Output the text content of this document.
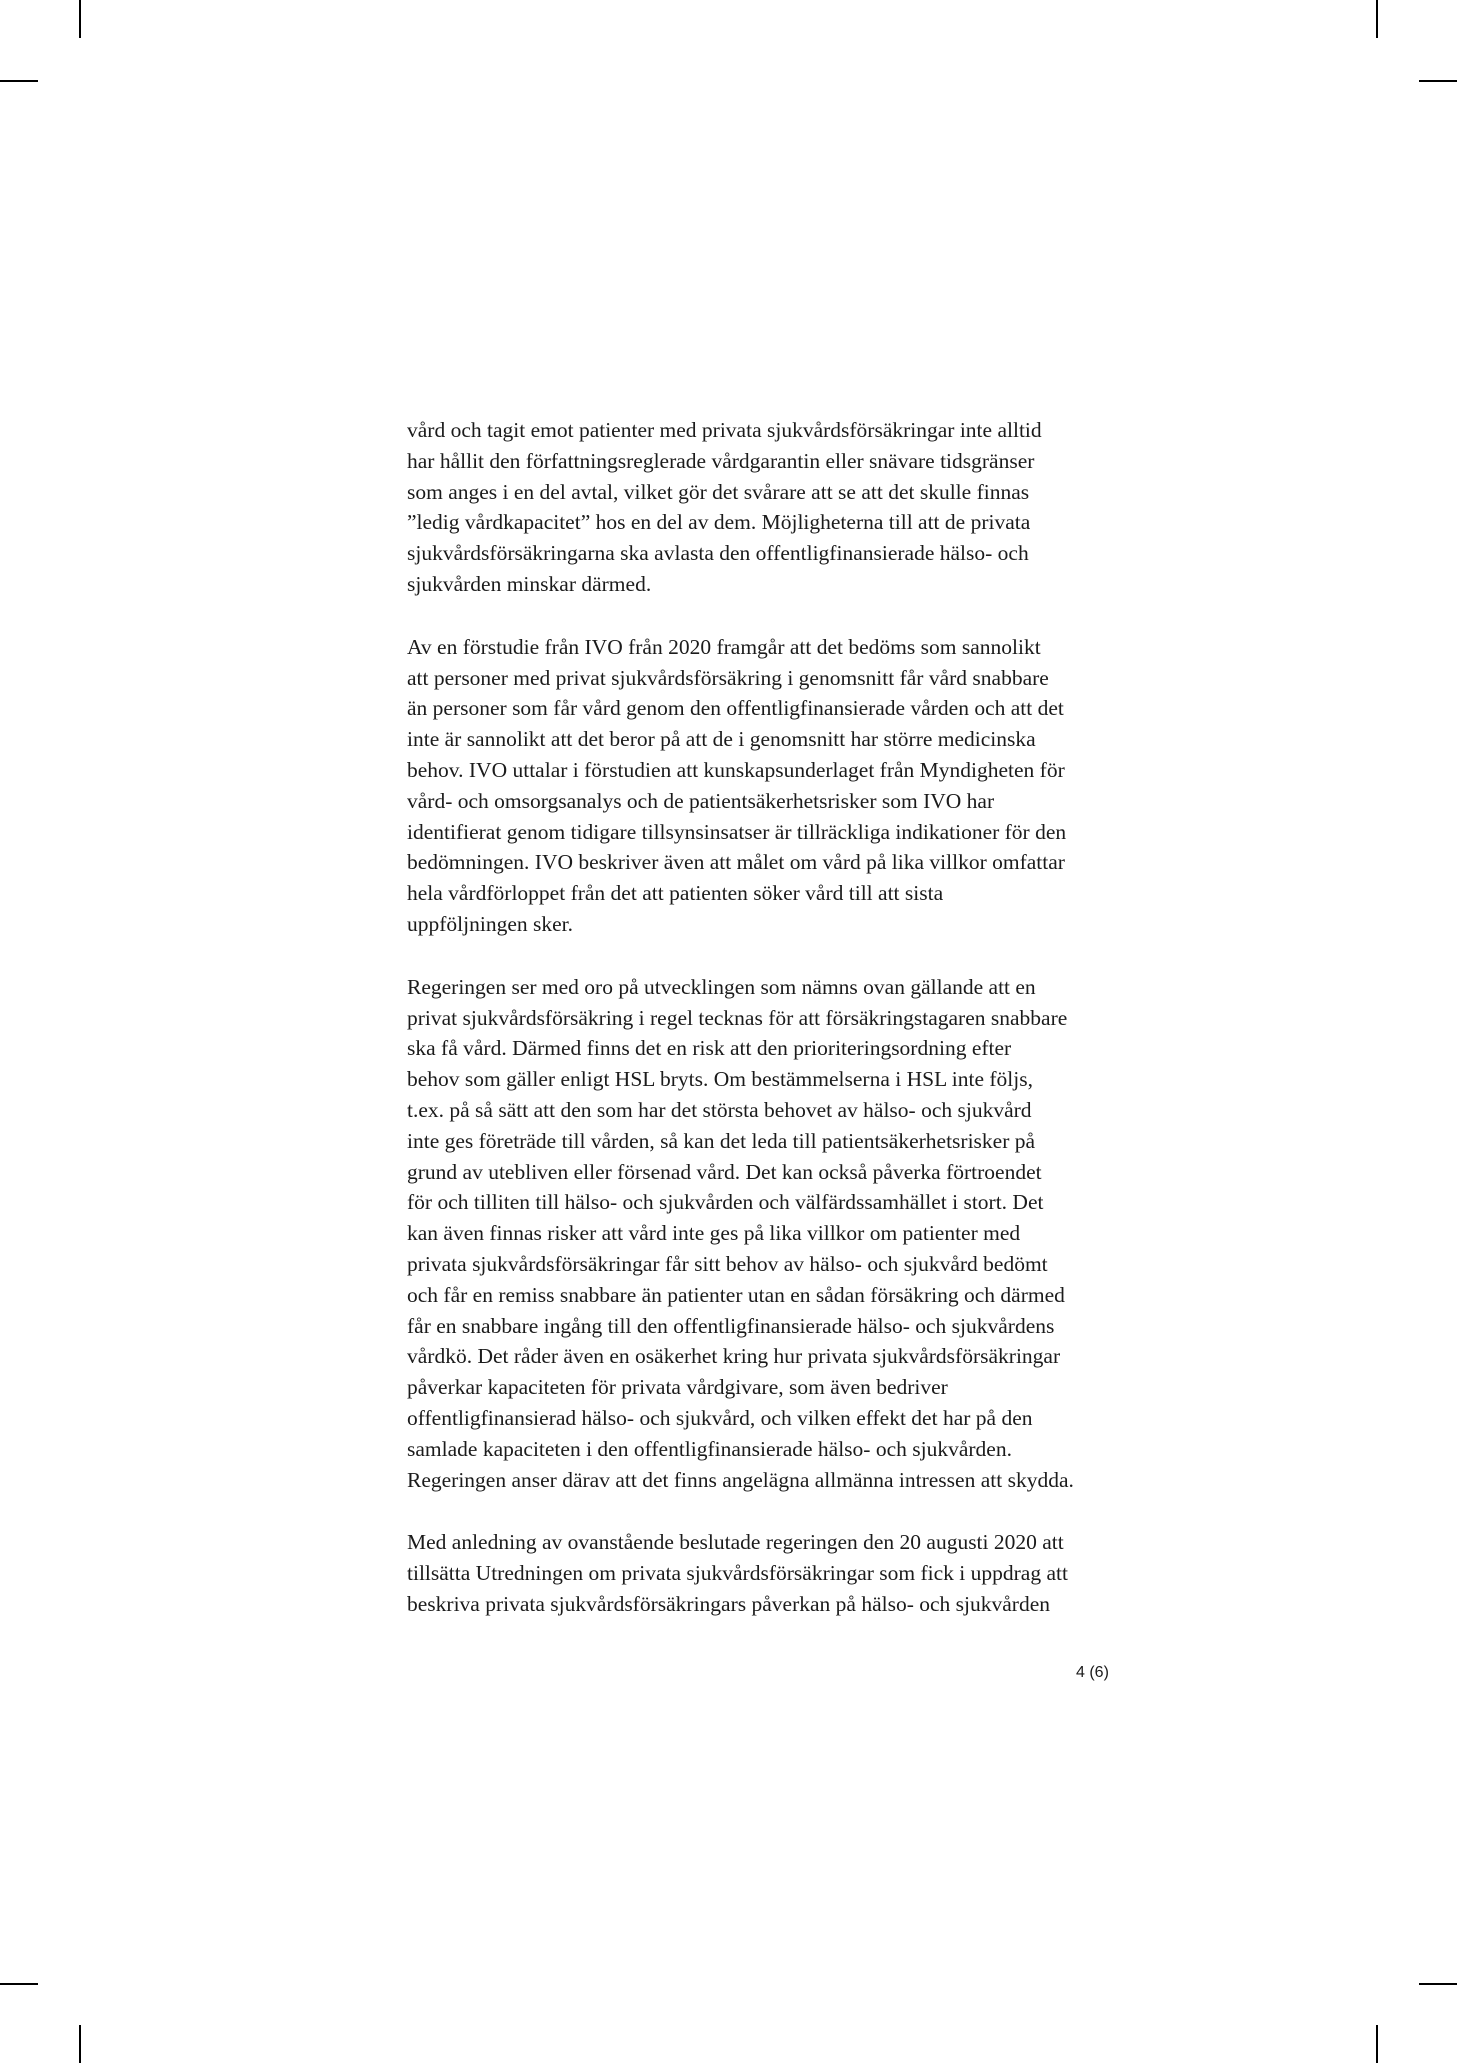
vård och tagit emot patienter med privata sjukvårdsförsäkringar inte alltid
har hållit den författningsreglerade vårdgarantin eller snävare tidsgränser
som anges i en del avtal, vilket gör det svårare att se att det skulle finnas
”ledig vårdkapacitet” hos en del av dem. Möjligheterna till att de privata
sjukvårdsförsäkringarna ska avlasta den offentligfinansierade hälso- och
sjukvården minskar därmed.

Av en förstudie från IVO från 2020 framgår att det bedöms som sannolikt
att personer med privat sjukvårdsförsäkring i genomsnitt får vård snabbare
än personer som får vård genom den offentligfinansierade vården och att det
inte är sannolikt att det beror på att de i genomsnitt har större medicinska
behov. IVO uttalar i förstudien att kunskapsunderlaget från Myndigheten för
vård- och omsorgsanalys och de patientsäkerhetsrisker som IVO har
identifierat genom tidigare tillsynsinsatser är tillräckliga indikationer för den
bedömningen. IVO beskriver även att målet om vård på lika villkor omfattar
hela vårdförloppet från det att patienten söker vård till att sista
uppföljningen sker.

Regeringen ser med oro på utvecklingen som nämns ovan gällande att en
privat sjukvårdsförsäkring i regel tecknas för att försäkringstagaren snabbare
ska få vård. Därmed finns det en risk att den prioriteringsordning efter
behov som gäller enligt HSL bryts. Om bestämmelserna i HSL inte följs,
t.ex. på så sätt att den som har det största behovet av hälso- och sjukvård
inte ges företräde till vården, så kan det leda till patientsäkerhetsrisker på
grund av utebliven eller försenad vård. Det kan också påverka förtroendet
för och tilliten till hälso- och sjukvården och välfärdssamhället i stort. Det
kan även finnas risker att vård inte ges på lika villkor om patienter med
privata sjukvårdsförsäkringar får sitt behov av hälso- och sjukvård bedömt
och får en remiss snabbare än patienter utan en sådan försäkring och därmed
får en snabbare ingång till den offentligfinansierade hälso- och sjukvårdens
vårdkö. Det råder även en osäkerhet kring hur privata sjukvårdsförsäkringar
påverkar kapaciteten för privata vårdgivare, som även bedriver
offentligfinansierad hälso- och sjukvård, och vilken effekt det har på den
samlade kapaciteten i den offentligfinansierade hälso- och sjukvården.
Regeringen anser därav att det finns angelägna allmänna intressen att skydda.

Med anledning av ovanstående beslutade regeringen den 20 augusti 2020 att
tillsätta Utredningen om privata sjukvårdsförsäkringar som fick i uppdrag att
beskriva privata sjukvårdsförsäkringars påverkan på hälso- och sjukvården

4 (6)
